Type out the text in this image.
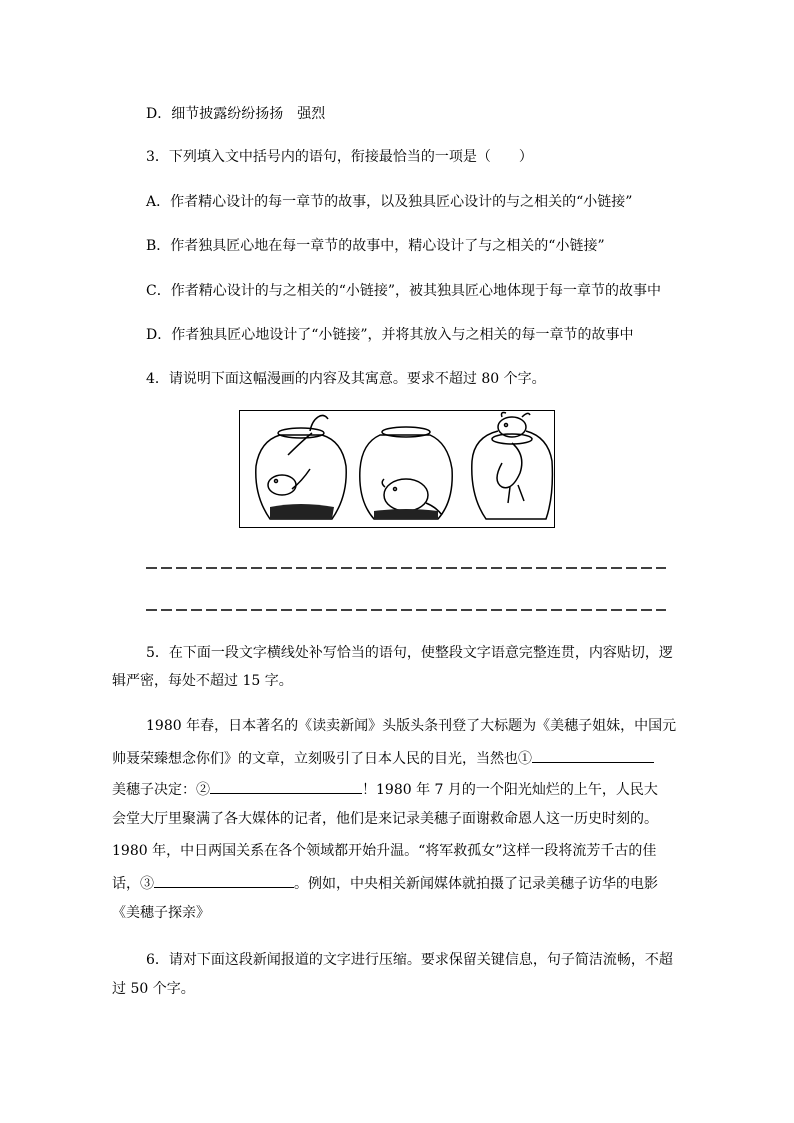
D．细节披露纷纷扬扬　强烈
3．下列填入文中括号内的语句，衔接最恰当的一项是（　　）
A．作者精心设计的每一章节的故事，以及独具匠心设计的与之相关的“小链接”
B．作者独具匠心地在每一章节的故事中，精心设计了与之相关的“小链接”
C．作者精心设计的与之相关的“小链接”，被其独具匠心地体现于每一章节的故事中
D．作者独具匠心地设计了“小链接”，并将其放入与之相关的每一章节的故事中
4．请说明下面这幅漫画的内容及其寓意。要求不超过 80 个字。
5．在下面一段文字横线处补写恰当的语句，使整段文字语意完整连贯，内容贴切，逻
辑严密，每处不超过 15 字。
1980 年春，日本著名的《读卖新闻》头版头条刊登了大标题为《美穗子姐妹，中国元
帅聂荣臻想念你们》的文章，立刻吸引了日本人民的目光，当然也①
美穗子决定：②	！1980 年 7 月的一个阳光灿烂的上午，人民大
会堂大厅里聚满了各大媒体的记者，他们是来记录美穗子面谢救命恩人这一历史时刻的。
1980 年，中日两国关系在各个领域都开始升温。“将军救孤女”这样一段将流芳千古的佳
话，③	。例如，中央相关新闻媒体就拍摄了记录美穗子访华的电影
《美穗子探亲》
6．请对下面这段新闻报道的文字进行压缩。要求保留关键信息，句子简洁流畅，不超
过 50 个字。
